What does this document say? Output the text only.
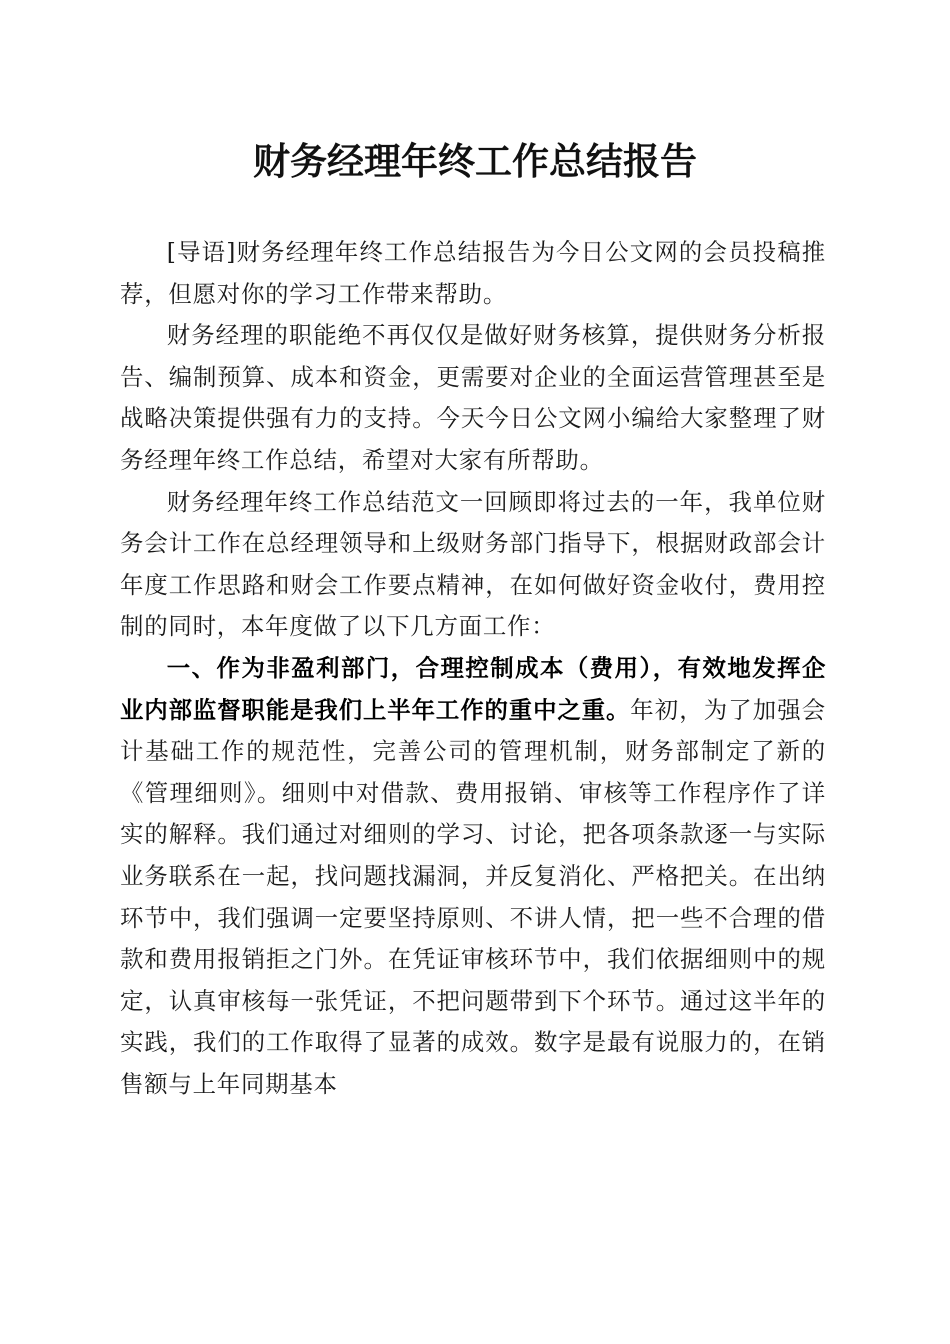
财务经理年终工作总结报告

[导语]财务经理年终工作总结报告为今日公文网的会员投稿推荐，但愿对你的学习工作带来帮助。

财务经理的职能绝不再仅仅是做好财务核算，提供财务分析报告、编制预算、成本和资金，更需要对企业的全面运营管理甚至是战略决策提供强有力的支持。今天今日公文网小编给大家整理了财务经理年终工作总结，希望对大家有所帮助。

财务经理年终工作总结范文一回顾即将过去的一年，我单位财务会计工作在总经理领导和上级财务部门指导下，根据财政部会计年度工作思路和财会工作要点精神，在如何做好资金收付，费用控制的同时，本年度做了以下几方面工作：

一、作为非盈利部门，合理控制成本（费用），有效地发挥企业内部监督职能是我们上半年工作的重中之重。年初，为了加强会计基础工作的规范性，完善公司的管理机制，财务部制定了新的《管理细则》。细则中对借款、费用报销、审核等工作程序作了详实的解释。我们通过对细则的学习、讨论，把各项条款逐一与实际业务联系在一起，找问题找漏洞，并反复消化、严格把关。在出纳环节中，我们强调一定要坚持原则、不讲人情，把一些不合理的借款和费用报销拒之门外。在凭证审核环节中，我们依据细则中的规定，认真审核每一张凭证，不把问题带到下个环节。通过这半年的实践，我们的工作取得了显著的成效。数字是最有说服力的，在销售额与上年同期基本
